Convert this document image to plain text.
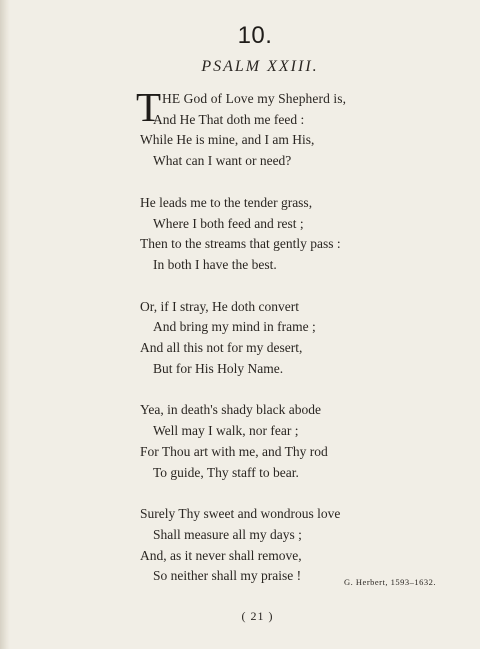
10.
PSALM XXIII.
T HE God of Love my Shepherd is,
And He That doth me feed :
While He is mine, and I am His,
What can I want or need?
He leads me to the tender grass,
Where I both feed and rest ;
Then to the streams that gently pass :
In both I have the best.
Or, if I stray, He doth convert
And bring my mind in frame ;
And all this not for my desert,
But for His Holy Name.
Yea, in death's shady black abode
Well may I walk, nor fear ;
For Thou art with me, and Thy rod
To guide, Thy staff to bear.
Surely Thy sweet and wondrous love
Shall measure all my days ;
And, as it never shall remove,
So neither shall my praise !	G. Herbert, 1593–1632.
( 21 )
